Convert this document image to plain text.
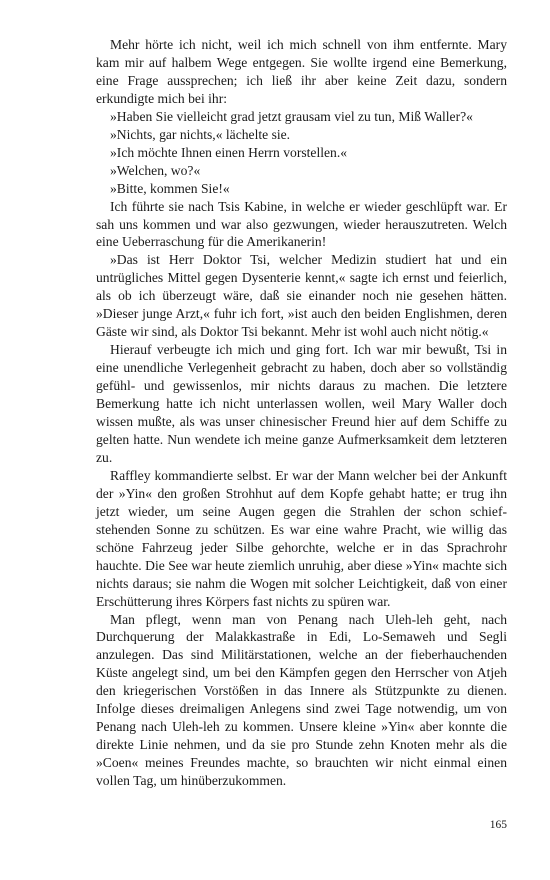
Mehr hörte ich nicht, weil ich mich schnell von ihm entfernte. Mary kam mir auf halbem Wege entgegen. Sie wollte irgend eine Bemerkung, eine Frage aussprechen; ich ließ ihr aber keine Zeit dazu, sondern erkundigte mich bei ihr:

»Haben Sie vielleicht grad jetzt grausam viel zu tun, Miß Waller?«

»Nichts, gar nichts,« lächelte sie.

»Ich möchte Ihnen einen Herrn vorstellen.«

»Welchen, wo?«

»Bitte, kommen Sie!«

Ich führte sie nach Tsis Kabine, in welche er wieder geschlüpft war. Er sah uns kommen und war also gezwungen, wieder herauszutreten. Welch eine Ueberraschung für die Amerikanerin!

»Das ist Herr Doktor Tsi, welcher Medizin studiert hat und ein untrügliches Mittel gegen Dysenterie kennt,« sagte ich ernst und feierlich, als ob ich überzeugt wäre, daß sie einander noch nie gesehen hätten. »Dieser junge Arzt,« fuhr ich fort, »ist auch den beiden Englishmen, deren Gäste wir sind, als Doktor Tsi bekannt. Mehr ist wohl auch nicht nötig.«

Hierauf verbeugte ich mich und ging fort. Ich war mir bewußt, Tsi in eine unendliche Verlegenheit gebracht zu haben, doch aber so vollständig gefühl- und gewissenlos, mir nichts daraus zu machen. Die letztere Bemerkung hatte ich nicht unterlassen wollen, weil Mary Waller doch wissen mußte, als was unser chinesischer Freund hier auf dem Schiffe zu gelten hatte. Nun wendete ich meine ganze Aufmerksamkeit dem letzteren zu.

Raffley kommandierte selbst. Er war der Mann welcher bei der Ankunft der »Yin« den großen Strohhut auf dem Kopfe gehabt hatte; er trug ihn jetzt wieder, um seine Augen gegen die Strahlen der schon schief-stehenden Sonne zu schützen. Es war eine wahre Pracht, wie willig das schöne Fahrzeug jeder Silbe gehorchte, welche er in das Sprachrohr hauchte. Die See war heute ziemlich unruhig, aber diese »Yin« machte sich nichts daraus; sie nahm die Wogen mit solcher Leichtigkeit, daß von einer Erschütterung ihres Körpers fast nichts zu spüren war.

Man pflegt, wenn man von Penang nach Uleh-leh geht, nach Durchquerung der Malakkastraße in Edi, Lo-Semaweh und Segli anzulegen. Das sind Militärstationen, welche an der fieberhauchenden Küste angelegt sind, um bei den Kämpfen gegen den Herrscher von Atjeh den kriegerischen Vorstößen in das Innere als Stützpunkte zu dienen. Infolge dieses dreimaligen Anlegens sind zwei Tage notwendig, um von Penang nach Uleh-leh zu kommen. Unsere kleine »Yin« aber konnte die direkte Linie nehmen, und da sie pro Stunde zehn Knoten mehr als die »Coen« meines Freundes machte, so brauchten wir nicht einmal einen vollen Tag, um hinüberzukommen.

165
